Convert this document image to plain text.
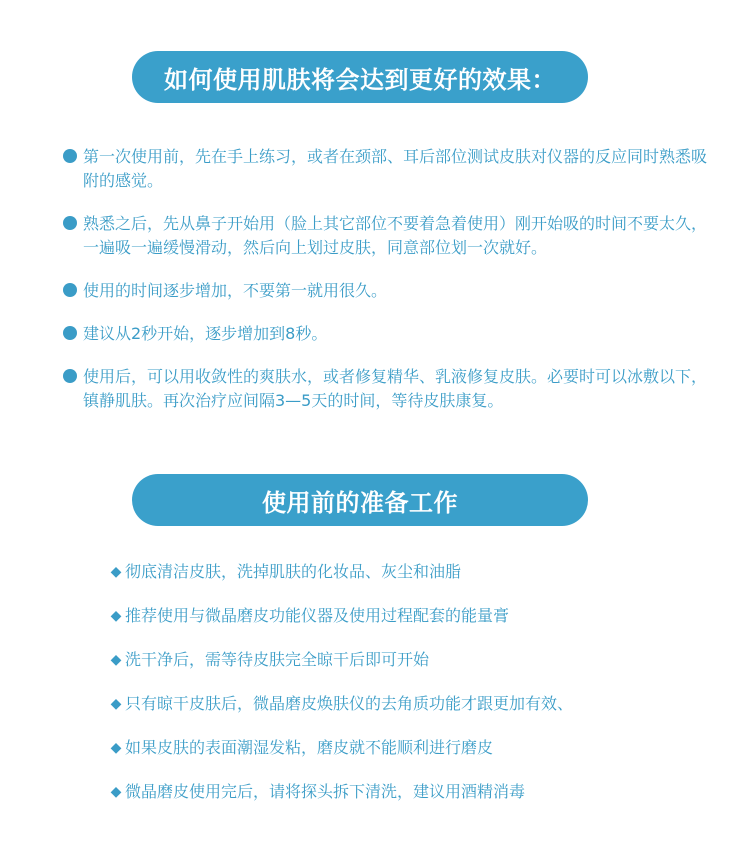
如何使用肌肤将会达到更好的效果：
第一次使用前，先在手上练习，或者在颈部、耳后部位测试皮肤对仪器的反应同时熟悉吸附的感觉。
熟悉之后，先从鼻子开始用（脸上其它部位不要着急着使用）刚开始吸的时间不要太久，一遍吸一遍缓慢滑动，然后向上划过皮肤，同意部位划一次就好。
使用的时间逐步增加，不要第一就用很久。
建议从2秒开始，逐步增加到8秒。
使用后，可以用收敛性的爽肤水，或者修复精华、乳液修复皮肤。必要时可以冰敷以下，镇静肌肤。再次治疗应间隔3—5天的时间，等待皮肤康复。
使用前的准备工作
◆ 彻底清洁皮肤，洗掉肌肤的化妆品、灰尘和油脂
◆ 推荐使用与微晶磨皮功能仪器及使用过程配套的能量膏
◆ 洗干净后，需等待皮肤完全晾干后即可开始
◆ 只有晾干皮肤后，微晶磨皮焕肤仪的去角质功能才跟更加有效、
◆ 如果皮肤的表面潮湿发粘，磨皮就不能顺利进行磨皮
◆ 微晶磨皮使用完后，请将探头拆下清洗，建议用酒精消毒
